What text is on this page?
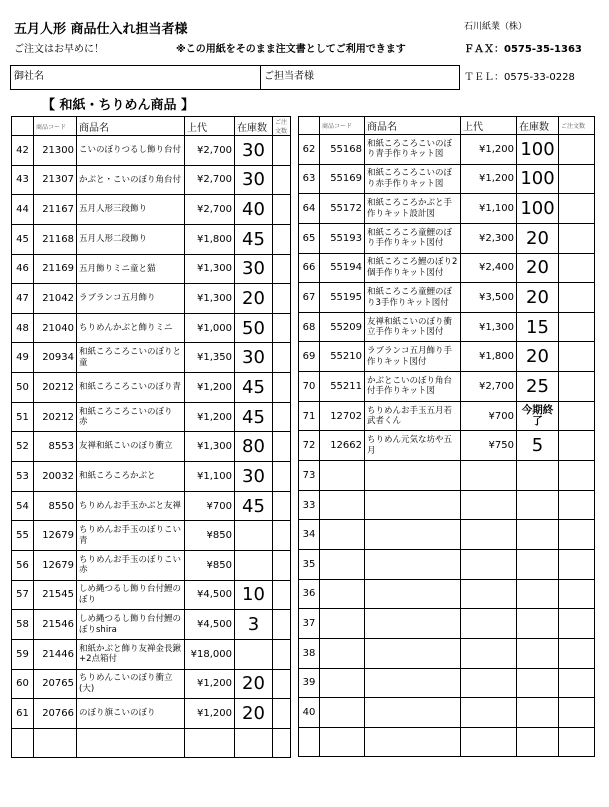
五月人形 商品仕入れ担当者様	石川紙業（株）
ご注文はお早めに！	※この用紙をそのまま注文書としてご利用できます	ＦＡＸ：0575-35-1363
御社名	ご担当者様	ＴＥＬ：0575-33-0228
【 和紙・ちりめん商品 】
	商品コード	商品名	上代	在庫数	ご注文数
42	21300	こいのぼりつるし飾り台付	¥2,700	30	
43	21307	かぶと・こいのぼり角台付	¥2,700	30	
44	21167	五月人形三段飾り	¥2,700	40	
45	21168	五月人形二段飾り	¥1,800	45	
46	21169	五月飾りミニ童と猫	¥1,300	30	
47	21042	ラブランコ五月飾り	¥1,300	20	
48	21040	ちりめんかぶと飾りミニ	¥1,000	50	
49	20934	和紙ころころこいのぼりと童	¥1,350	30	
50	20212	和紙ころころこいのぼり青	¥1,200	45	
51	20212	和紙ころころこいのぼり 赤	¥1,200	45	
52	8553	友禅和紙こいのぼり衝立	¥1,300	80	
53	20032	和紙ころころかぶと	¥1,100	30	
54	8550	ちりめんお手玉かぶと友禅	¥700	45	
55	12679	ちりめんお手玉のぼりこい 青	¥850		
56	12679	ちりめんお手玉のぼりこい 赤	¥850		
57	21545	しめ縄つるし飾り台付鯉のぼり	¥4,500	10	
58	21546	しめ縄つるし飾り台付鯉のぼりshira	¥4,500	3	
59	21446	和紙かぶと飾り友禅金長鍬+2点箱付	¥18,000		
60	20765	ちりめんこいのぼり衝立(大)	¥1,200	20	
61	20766	のぼり旗こいのぼり	¥1,200	20	

	商品コード	商品名	上代	在庫数	ご注文数
62	55168	和紙ころころこいのぼり青手作りキット図	¥1,200	100	
63	55169	和紙ころころこいのぼり赤手作りキット図	¥1,200	100	
64	55172	和紙ころころかぶと手作りキット設計図	¥1,100	100	
65	55193	和紙ころころ童鯉のぼり手作りキット図付	¥2,300	20	
66	55194	和紙ころころ鯉のぼり2個手作りキット図付	¥2,400	20	
67	55195	和紙ころころ童鯉のぼり3手作りキット図付	¥3,500	20	
68	55209	友禅和紙こいのぼり衝立手作りキット図付	¥1,300	15	
69	55210	ラブランコ五月飾り手作りキット図付	¥1,800	20	
70	55211	かぶとこいのぼり角台付手作りキット図	¥2,700	25	
71	12702	ちりめんお手玉五月若武者くん	¥700	今期終了	
72	12662	ちりめん元気な坊や五月	¥750	5	
73					
33					
34					
35					
36					
37					
38					
39					
40					
